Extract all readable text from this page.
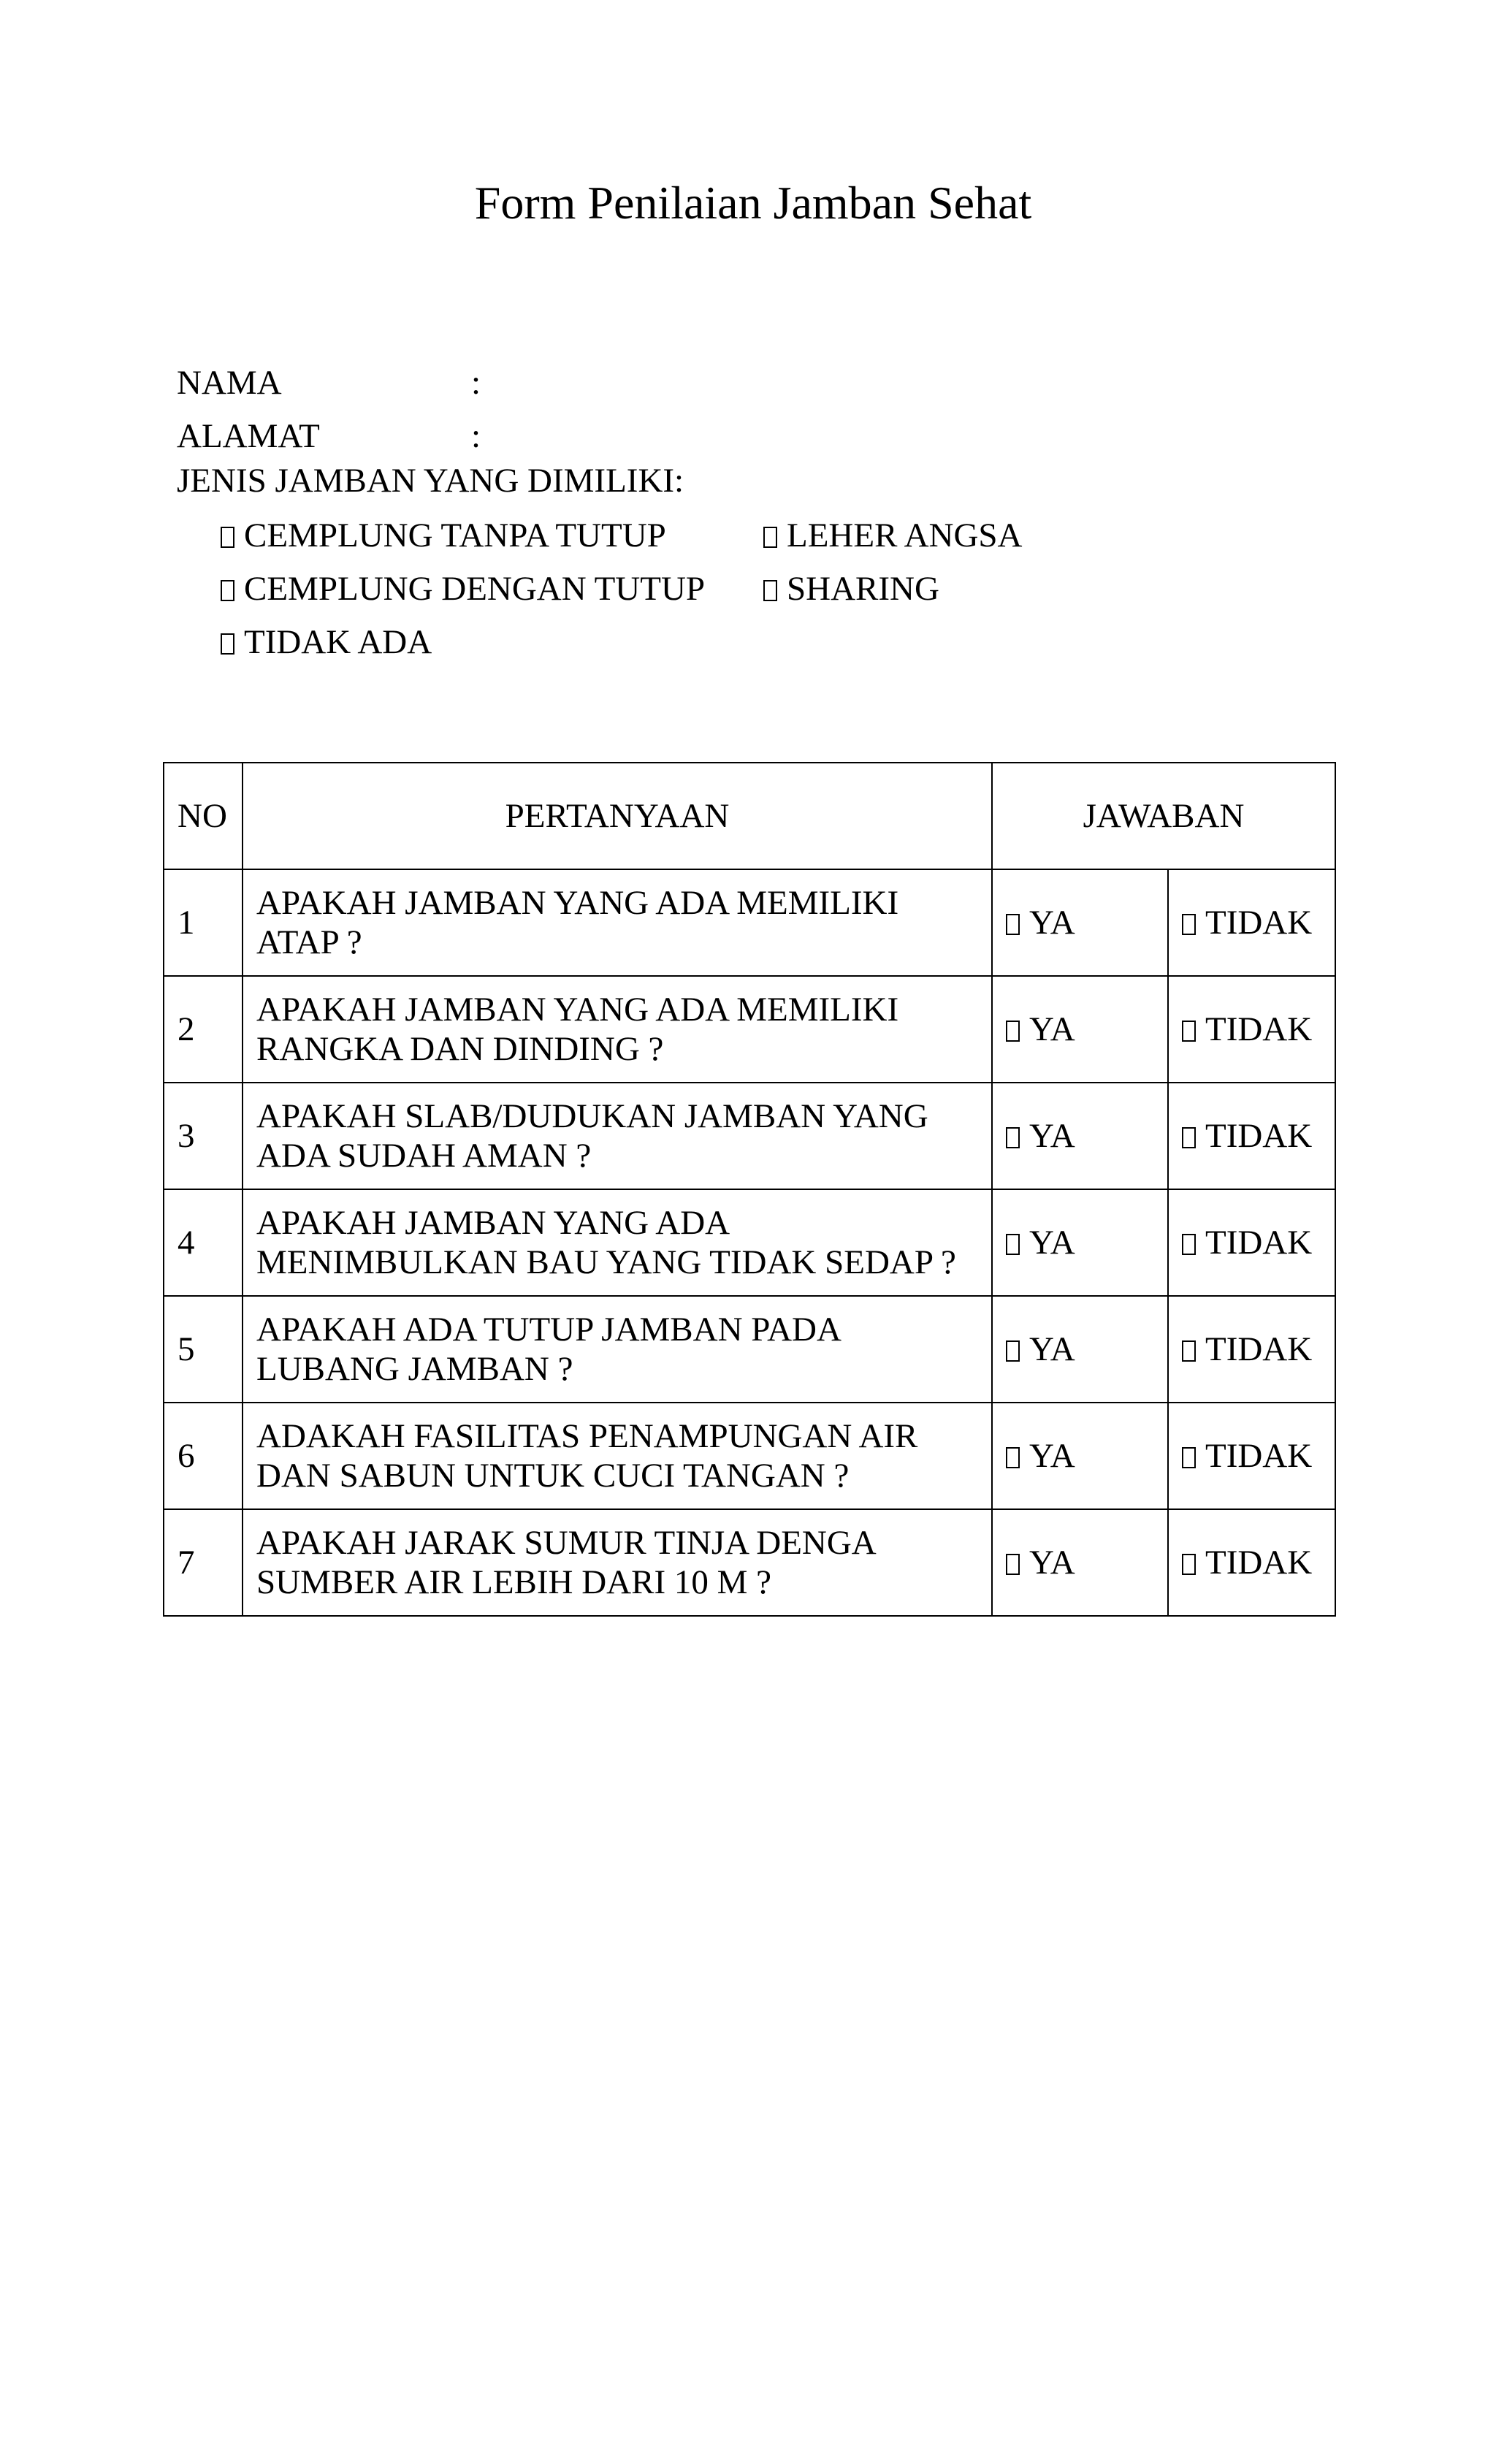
Form Penilaian Jamban Sehat
NAMA	:
ALAMAT	:
JENIS JAMBAN YANG DIMILIKI:
CEMPLUNG TANPA TUTUP	LEHER ANGSA
CEMPLUNG DENGAN TUTUP SHARING
TIDAK ADA
NO	PERTANYAAN	JAWABAN	
1	APAKAH JAMBAN YANG ADA MEMILIKI ATAP ?	YA	TIDAK

2	APAKAH JAMBAN YANG ADA MEMILIKI RANGKA DAN DINDING ?	YA	TIDAK

3	APAKAH SLAB/DUDUKAN JAMBAN YANG ADA SUDAH AMAN ?	YA	TIDAK

4	APAKAH JAMBAN YANG ADA MENIMBULKAN BAU YANG TIDAK SEDAP ?	YA	TIDAK

5	APAKAH ADA TUTUP JAMBAN PADA LUBANG JAMBAN ?	YA	TIDAK

6	ADAKAH FASILITAS PENAMPUNGAN AIR DAN SABUN UNTUK CUCI TANGAN ?	YA	TIDAK

7	APAKAH JARAK SUMUR TINJA DENGA SUMBER AIR LEBIH DARI 10 M ?	YA	TIDAK
